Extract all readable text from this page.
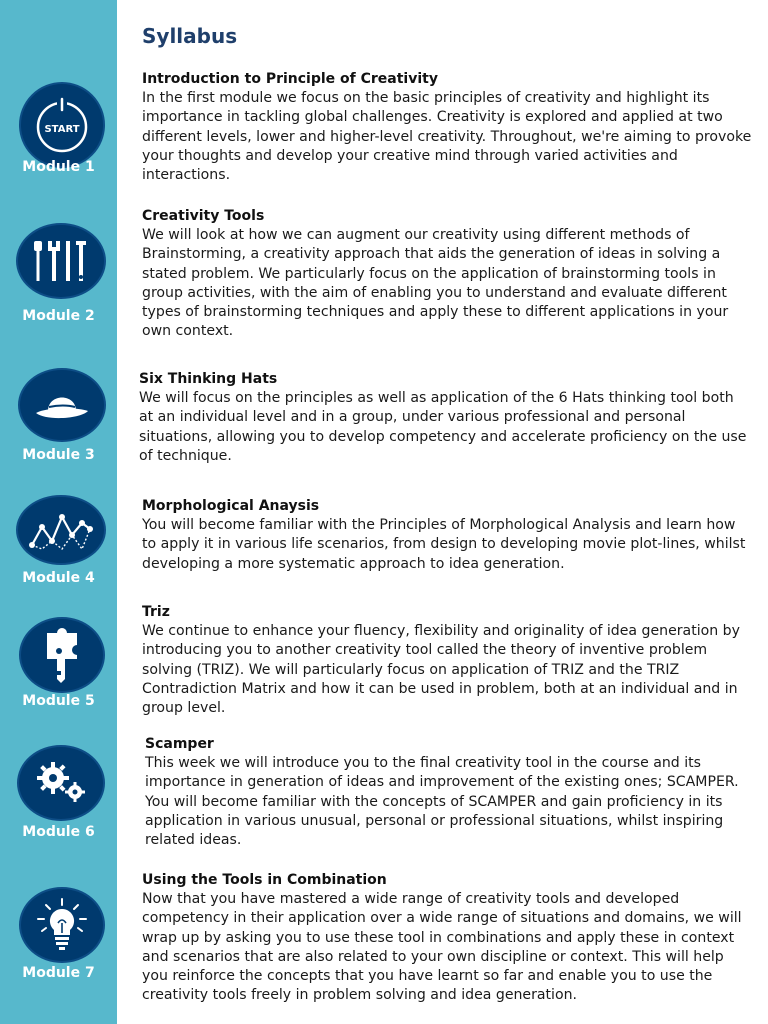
START
Module 1
Module 2
Module 3
Module 4
Module 5
Module 6
Module 7
Syllabus
Introduction to Principle of Creativity

In the first module we focus on the basic principles of creativity and highlight its importance in tackling global challenges. Creativity is explored and applied at two different levels, lower and higher-level creativity. Throughout, we're aiming to provoke your thoughts and develop your creative mind through varied activities and interactions.

Creativity Tools

We will look at how we can augment our creativity using different methods of Brainstorming, a creativity approach that aids the generation of ideas in solving a stated problem. We particularly focus on the application of brainstorming tools in group activities, with the aim of enabling you to understand and evaluate different types of brainstorming techniques and apply these to different applications in your own context.

Six Thinking Hats

We will focus on the principles as well as application of the 6 Hats thinking tool both at an individual level and in a group, under various professional and personal situations, allowing you to develop competency and accelerate proficiency on the use of technique.

Morphological Anaysis

You will become familiar with the Principles of Morphological Analysis and learn how to apply it in various life scenarios, from design to developing movie plot-lines, whilst developing a more systematic approach to idea generation.

Triz

We continue to enhance your fluency, flexibility and originality of idea generation by introducing you to another creativity tool called the theory of inventive problem solving (TRIZ). We will particularly focus on application of TRIZ and the TRIZ Contradiction Matrix and how it can be used in problem, both at an individual and in group level.

Scamper

This week we will introduce you to the final creativity tool in the course and its importance in generation of ideas and improvement of the existing ones; SCAMPER. You will become familiar with the concepts of SCAMPER and gain proficiency in its application in various unusual, personal or professional situations, whilst inspiring related ideas.

Using the Tools in Combination

Now that you have mastered a wide range of creativity tools and developed competency in their application over a wide range of situations and domains, we will wrap up by asking you to use these tool in combinations and apply these in context and scenarios that are also related to your own discipline or context. This will help you reinforce the concepts that you have learnt so far and enable you to use the creativity tools freely in problem solving and idea generation.
